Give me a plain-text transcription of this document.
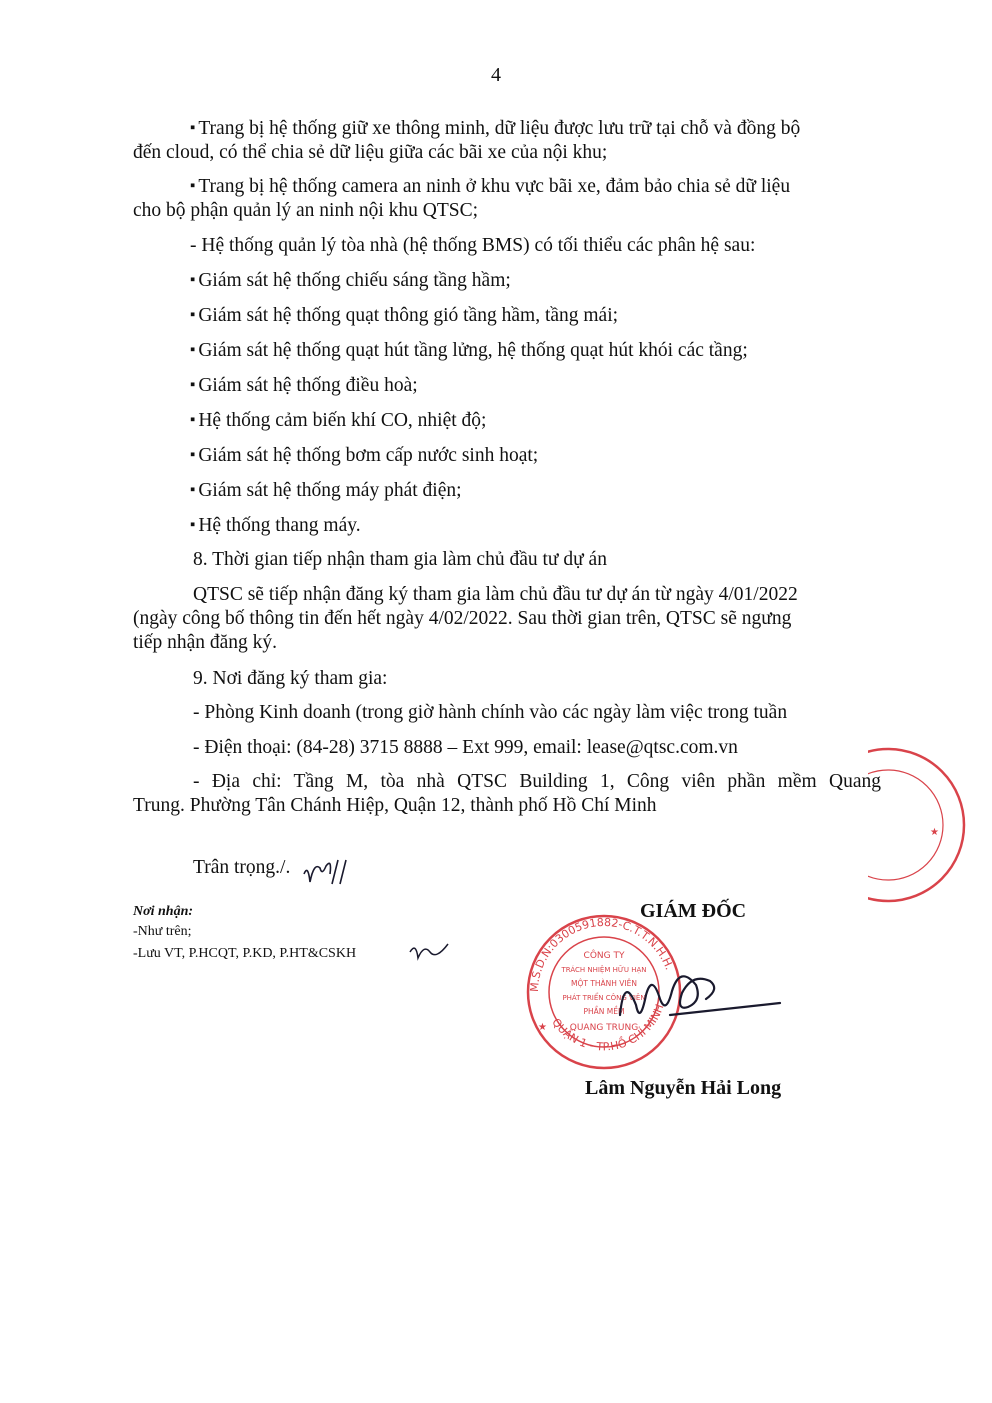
4
▪ Trang bị hệ thống giữ xe thông minh, dữ liệu được lưu trữ tại chỗ và đồng bộ
đến cloud, có thể chia sẻ dữ liệu giữa các bãi xe của nội khu;
▪ Trang bị hệ thống camera an ninh ở khu vực bãi xe, đảm bảo chia sẻ dữ liệu
cho bộ phận quản lý an ninh nội khu QTSC;
- Hệ thống quản lý tòa nhà (hệ thống BMS) có tối thiểu các phân hệ sau:
▪ Giám sát hệ thống chiếu sáng tầng hầm;
▪ Giám sát hệ thống quạt thông gió tầng hầm, tầng mái;
▪ Giám sát hệ thống quạt hút tầng lửng, hệ thống quạt hút khói các tầng;
▪ Giám sát hệ thống điều hoà;
▪ Hệ thống cảm biến khí CO, nhiệt độ;
▪ Giám sát hệ thống bơm cấp nước sinh hoạt;
▪ Giám sát hệ thống máy phát điện;
▪ Hệ thống thang máy.
8. Thời gian tiếp nhận tham gia làm chủ đầu tư dự án
QTSC sẽ tiếp nhận đăng ký tham gia làm chủ đầu tư dự án từ ngày 4/01/2022
(ngày công bố thông tin đến hết ngày 4/02/2022. Sau thời gian trên, QTSC sẽ ngưng
tiếp nhận đăng ký.
9. Nơi đăng ký tham gia:
- Phòng Kinh doanh (trong giờ hành chính vào các ngày làm việc trong tuần
- Điện thoại: (84-28) 3715 8888 – Ext 999, email: lease@qtsc.com.vn
- Địa chỉ: Tầng M, tòa nhà QTSC Building 1, Công viên phần mềm Quang
Trung. Phường Tân Chánh Hiệp, Quận 12, thành phố Hồ Chí Minh
Trân trọng./.
Nơi nhận:
-Như trên;
-Lưu VT, P.HCQT, P.KD, P.HT&CSKH
GIÁM ĐỐC
M.S.D.N:0300591882-C.T.T.N.H.H.
QUẬN 1 - TP.HỒ CHÍ MINH
CÔNG TY
TRÁCH NHIỆM HỮU HẠN
MỘT THÀNH VIÊN
PHÁT TRIỂN CÔNG VIÊN
PHẦN MỀM
QUANG TRUNG
★
Lâm Nguyễn Hải Long
★
